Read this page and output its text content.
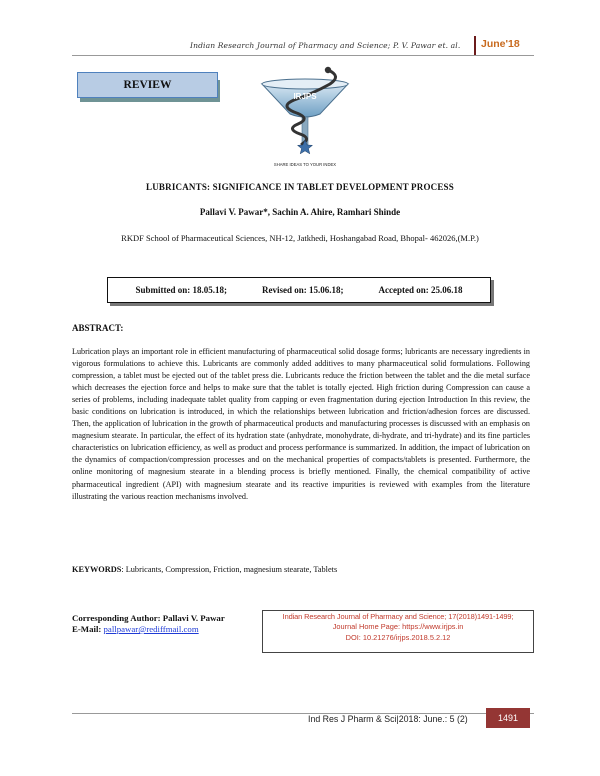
Indian Research Journal of Pharmacy and Science; P. V. Pawar et. al. June'18
REVIEW
IRJPS
SHARE IDEAS TO YOUR INDEX
LUBRICANTS: SIGNIFICANCE IN TABLET DEVELOPMENT PROCESS
Pallavi V. Pawar*, Sachin A. Ahire, Ramhari Shinde
RKDF School of Pharmaceutical Sciences, NH-12, Jatkhedi, Hoshangabad Road, Bhopal- 462026,(M.P.)
Submitted on: 18.05.18;	Revised on: 15.06.18;	Accepted on: 25.06.18
ABSTRACT:
Lubrication plays an important role in efficient manufacturing of pharmaceutical solid dosage forms; lubricants are necessary ingredients in vigorous formulations to achieve this. Lubricants are commonly added additives to many pharmaceutical solid formulations. Following compression, a tablet must be ejected out of the tablet press die. Lubricants reduce the friction between the tablet and the die metal surface which decreases the ejection force and helps to make sure that the tablet is totally ejected. High friction during Compression can cause a series of problems, including inadequate tablet quality from capping or even fragmentation during ejection Introduction In this review, the basic conditions on lubrication is introduced, in which the relationships between lubrication and friction/adhesion forces are discussed. Then, the application of lubrication in the growth of pharmaceutical products and manufacturing processes is discussed with an emphasis on magnesium stearate. In particular, the effect of its hydration state (anhydrate, monohydrate, di-hydrate, and tri-hydrate) and its fine particles characteristics on lubrication efficiency, as well as product and process performance is summarized. In addition, the impact of lubrication on the dynamics of compaction/compression processes and on the mechanical properties of compacts/tablets is presented. Furthermore, the online monitoring of magnesium stearate in a blending process is briefly mentioned. Finally, the chemical compatibility of active pharmaceutical ingredient (API) with magnesium stearate and its reactive impurities is reviewed with examples from the literature illustrating the various reaction mechanisms involved.
KEYWORDS: Lubricants, Compression, Friction, magnesium stearate, Tablets
Corresponding Author: Pallavi V. Pawar
E-Mail: pallpawar@rediffmail.com
Indian Research Journal of Pharmacy and Science; 17(2018)1491-1499;
Journal Home Page: https://www.irjps.in
DOI: 10.21276/irjps.2018.5.2.12
Ind Res J Pharm & Sci|2018: June.: 5 (2)	1491
